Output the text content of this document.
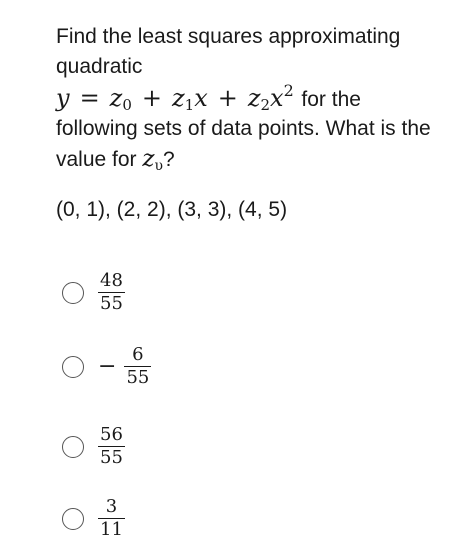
Find the least squares approximating
quadratic
$y = z_0 + z_1x + z_2x^2$ for the
following sets of data points. What is the
value for $z_\upsilon$?
(0, 1), (2, 2), (3, 3), (4, 5)
$\frac{48}{55}$
− $\frac{6}{55}$
$\frac{56}{55}$
$\frac{3}{11}$
